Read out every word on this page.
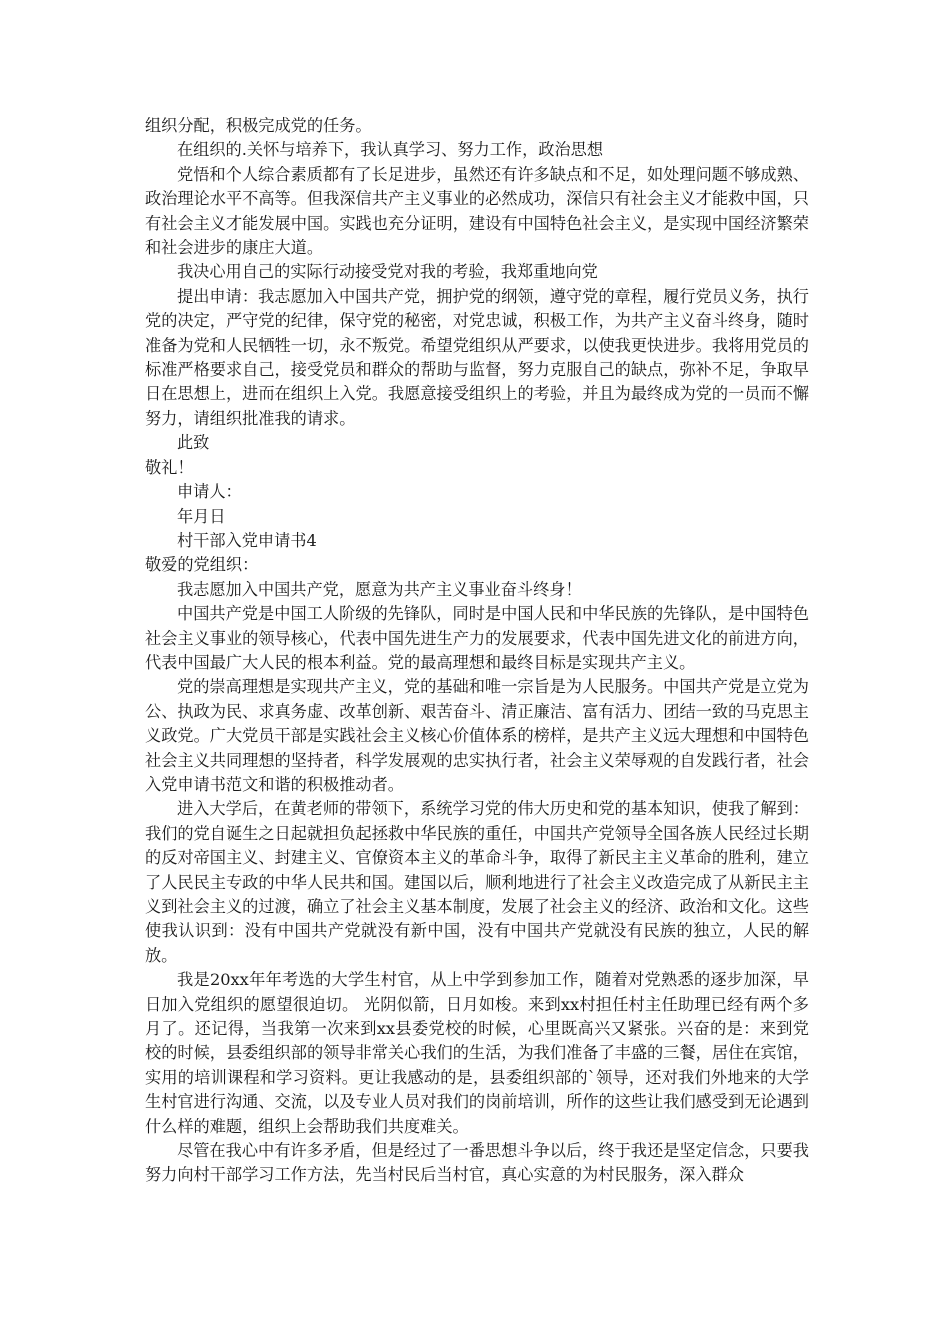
组织分配，积极完成党的任务。

在组织的.关怀与培养下，我认真学习、努力工作，政治思想

党悟和个人综合素质都有了长足进步，虽然还有许多缺点和不足，如处理问题不够成熟、政治理论水平不高等。但我深信共产主义事业的必然成功，深信只有社会主义才能救中国，只有社会主义才能发展中国。实践也充分证明，建设有中国特色社会主义，是实现中国经济繁荣和社会进步的康庄大道。

我决心用自己的实际行动接受党对我的考验，我郑重地向党

提出申请：我志愿加入中国共产党，拥护党的纲领，遵守党的章程，履行党员义务，执行党的决定，严守党的纪律，保守党的秘密，对党忠诚，积极工作，为共产主义奋斗终身，随时准备为党和人民牺牲一切，永不叛党。希望党组织从严要求，以使我更快进步。我将用党员的标准严格要求自己，接受党员和群众的帮助与监督，努力克服自己的缺点，弥补不足，争取早日在思想上，进而在组织上入党。我愿意接受组织上的考验，并且为最终成为党的一员而不懈努力，请组织批准我的请求。

此致

敬礼！

申请人：

年月日

村干部入党申请书4

敬爱的党组织：

我志愿加入中国共产党，愿意为共产主义事业奋斗终身！

中国共产党是中国工人阶级的先锋队，同时是中国人民和中华民族的先锋队，是中国特色社会主义事业的领导核心，代表中国先进生产力的发展要求，代表中国先进文化的前进方向，代表中国最广大人民的根本利益。党的最高理想和最终目标是实现共产主义。

党的崇高理想是实现共产主义，党的基础和唯一宗旨是为人民服务。中国共产党是立党为公、执政为民、求真务虚、改革创新、艰苦奋斗、清正廉洁、富有活力、团结一致的马克思主义政党。广大党员干部是实践社会主义核心价值体系的榜样，是共产主义远大理想和中国特色社会主义共同理想的坚持者，科学发展观的忠实执行者，社会主义荣辱观的自发践行者，社会入党申请书范文和谐的积极推动者。

进入大学后，在黄老师的带领下，系统学习党的伟大历史和党的基本知识，使我了解到：我们的党自诞生之日起就担负起拯救中华民族的重任，中国共产党领导全国各族人民经过长期的反对帝国主义、封建主义、官僚资本主义的革命斗争，取得了新民主主义革命的胜利，建立了人民民主专政的中华人民共和国。建国以后，顺利地进行了社会主义改造完成了从新民主主义到社会主义的过渡，确立了社会主义基本制度，发展了社会主义的经济、政治和文化。这些使我认识到：没有中国共产党就没有新中国，没有中国共产党就没有民族的独立，人民的解放。

我是20xx年年考选的大学生村官，从上中学到参加工作，随着对党熟悉的逐步加深，早日加入党组织的愿望很迫切。 光阴似箭，日月如梭。来到xx村担任村主任助理已经有两个多月了。还记得，当我第一次来到xx县委党校的时候，心里既高兴又紧张。兴奋的是：来到党校的时候，县委组织部的领导非常关心我们的生活，为我们准备了丰盛的三餐，居住在宾馆，实用的培训课程和学习资料。更让我感动的是，县委组织部的`领导，还对我们外地来的大学生村官进行沟通、交流，以及专业人员对我们的岗前培训，所作的这些让我们感受到无论遇到什么样的难题，组织上会帮助我们共度难关。

尽管在我心中有许多矛盾，但是经过了一番思想斗争以后，终于我还是坚定信念，只要我努力向村干部学习工作方法，先当村民后当村官，真心实意的为村民服务，深入群众
